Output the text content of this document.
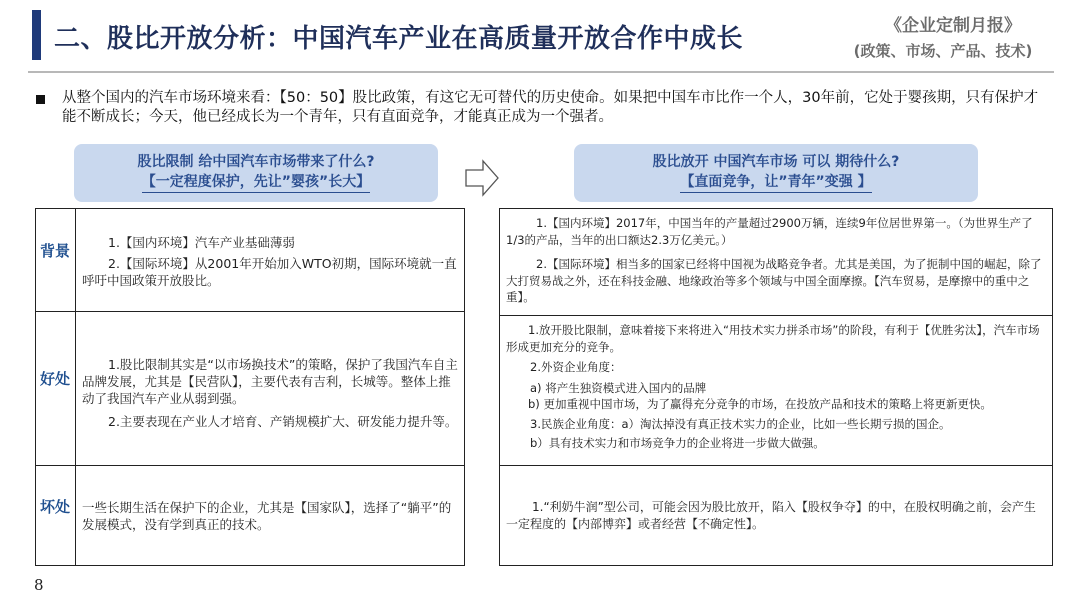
二、股比开放分析：中国汽车产业在高质量开放合作中成长	《企业定制月报》
(政策、市场、产品、技术)
从整个国内的汽车市场环境来看：【50：50】股比政策，有这它无可替代的历史使命。如果把中国车市比作一个人，30年前，它处于婴孩期，只有保护才能不断成长；今天，他已经成长为一个青年，只有直面竞争，才能真正成为一个强者。
股比限制 给中国汽车市场带来了什么?
【一定程度保护，先让”婴孩”长大】
股比放开 中国汽车市场 可以 期待什么?
【直面竞争，让”青年”变强 】
背景
好处
坏处

1.【国内环境】汽车产业基础薄弱

2.【国际环境】从2001年开始加入WTO初期，国际环境就一直呼吁中国政策开放股比。

1.股比限制其实是“以市场换技术”的策略，保护了我国汽车自主品牌发展，尤其是【民营队】，主要代表有吉利，长城等。整体上推动了我国汽车产业从弱到强。

2.主要表现在产业人才培育、产销规模扩大、研发能力提升等。

一些长期生活在保护下的企业，尤其是【国家队】，选择了“躺平”的发展模式，没有学到真正的技术。

1.【国内环境】2017年，中国当年的产量超过2900万辆，连续9年位居世界第一。（为世界生产了1/3的产品，当年的出口额达2.3万亿美元。）

2.【国际环境】相当多的国家已经将中国视为战略竞争者。尤其是美国，为了扼制中国的崛起，除了大打贸易战之外，还在科技金融、地缘政治等多个领域与中国全面摩擦。【汽车贸易，是摩擦中的重中之重】。

1.放开股比限制，意味着接下来将进入“用技术实力拼杀市场”的阶段，有利于【优胜劣汰】，汽车市场形成更加充分的竞争。

2.外资企业角度：

a) 将产生独资模式进入国内的品牌

b) 更加重视中国市场，为了赢得充分竞争的市场，在投放产品和技术的策略上将更新更快。

3.民族企业角度：a）淘汰掉没有真正技术实力的企业，比如一些长期亏损的国企。

b）具有技术实力和市场竞争力的企业将进一步做大做强。

1.“利奶牛润”型公司，可能会因为股比放开，陷入【股权争夺】的中，在股权明确之前，会产生一定程度的【内部博弈】或者经营【不确定性】。

8
